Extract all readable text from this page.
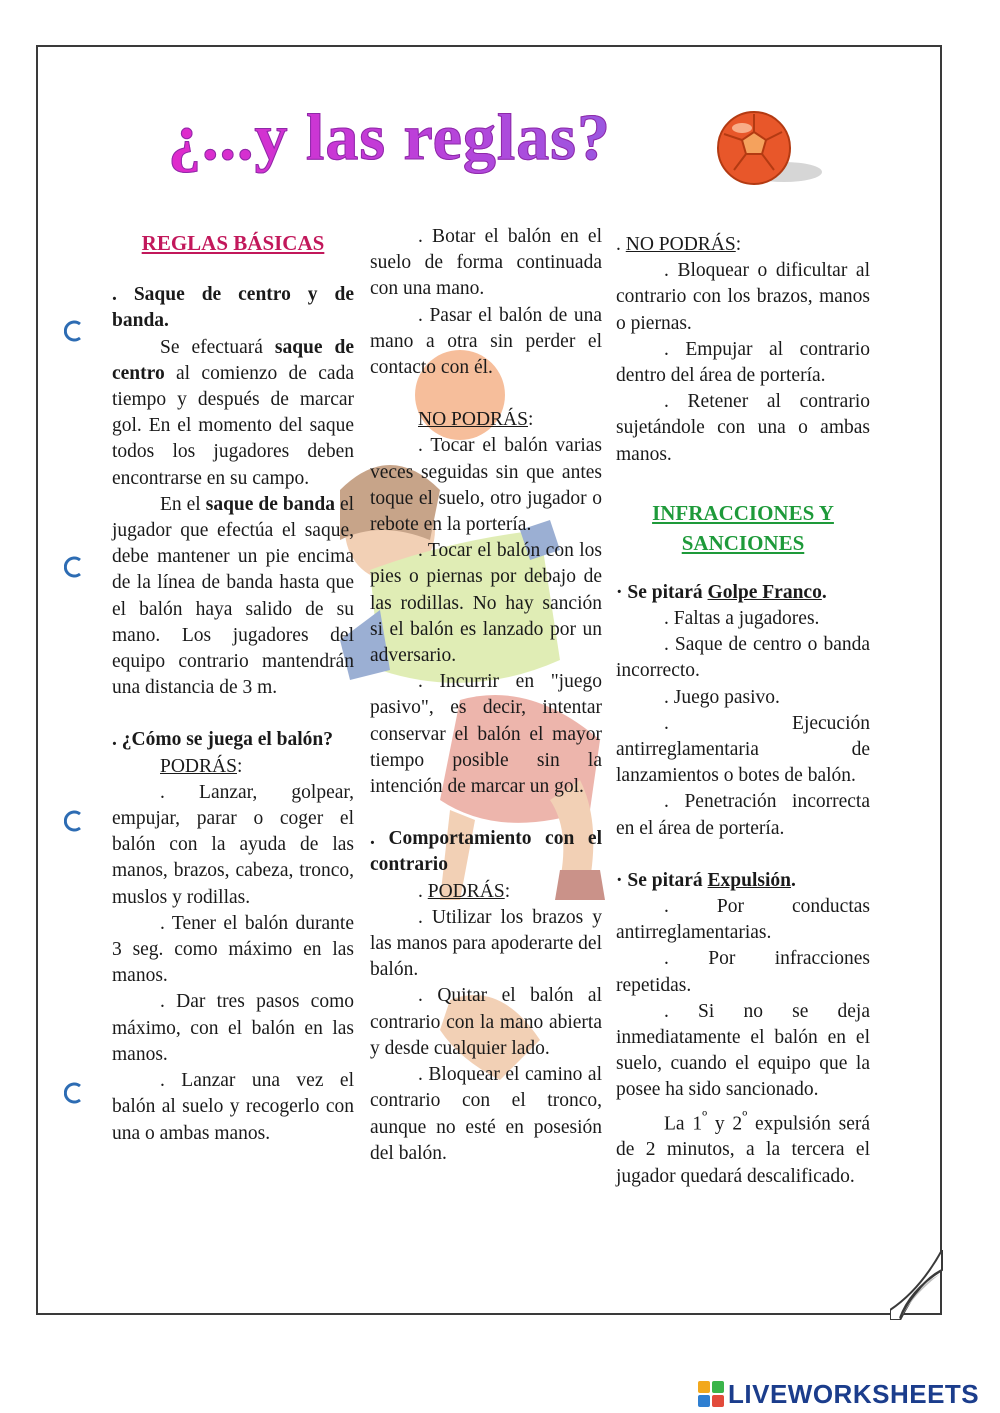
¿...y las reglas?

REGLAS BÁSICAS

. Saque de centro y de banda.

Se efectuará saque de centro al comienzo de cada tiempo y después de marcar gol. En el momento del saque todos los jugadores deben encontrarse en su campo.

En el saque de banda el jugador que efectúa el saque, debe mantener un pie encima de la línea de banda hasta que el balón haya salido de su mano. Los jugadores del equipo contrario mantendrán una distancia de 3 m.

. ¿Cómo se juega el balón?

PODRÁS:

. Lanzar, golpear, empujar, parar o coger el balón con la ayuda de las manos, brazos, cabeza, tronco, muslos y rodillas.

. Tener el balón durante 3 seg. como máximo en las manos.

. Dar tres pasos como máximo, con el balón en las manos.

. Lanzar una vez el balón al suelo y recogerlo con una o ambas manos.

. Botar el balón en el suelo de forma continuada con una mano.

. Pasar el balón de una mano a otra sin perder el contacto con él.

NO PODRÁS:

. Tocar el balón varias veces seguidas sin que antes toque el suelo, otro jugador o rebote en la portería.

. Tocar el balón con los pies o piernas por debajo de las rodillas. No hay sanción si el balón es lanzado por un adversario.

. Incurrir en "juego pasivo", es decir, intentar conservar el balón el mayor tiempo posible sin la intención de marcar un gol.

. Comportamiento con el contrario

. PODRÁS:

. Utilizar los brazos y las manos para apoderarte del balón.

. Quitar el balón al contrario con la mano abierta y desde cualquier lado.

. Bloquear el camino al contrario con el tronco, aunque no esté en posesión del balón.

. NO PODRÁS:

. Bloquear o dificultar al contrario con los brazos, manos o piernas.

. Empujar al contrario dentro del área de portería.

. Retener al contrario sujetándole con una o ambas manos.

INFRACCIONES Y
SANCIONES

· Se pitará Golpe Franco.

. Faltas a jugadores.

. Saque de centro o banda incorrecto.

. Juego pasivo.

. Ejecución antirreglamentaria de lanzamientos o botes de balón.

. Penetración incorrecta en el área de portería.

· Se pitará Expulsión.

. Por conductas antirreglamentarias.

. Por infracciones repetidas.

. Si no se deja inmediatamente el balón en el suelo, cuando el equipo que la posee ha sido sancionado.

La $1^º$ y $2^º$ expulsión será de 2 minutos, a la tercera el jugador quedará descalificado.

LIVEWORKSHEETS
